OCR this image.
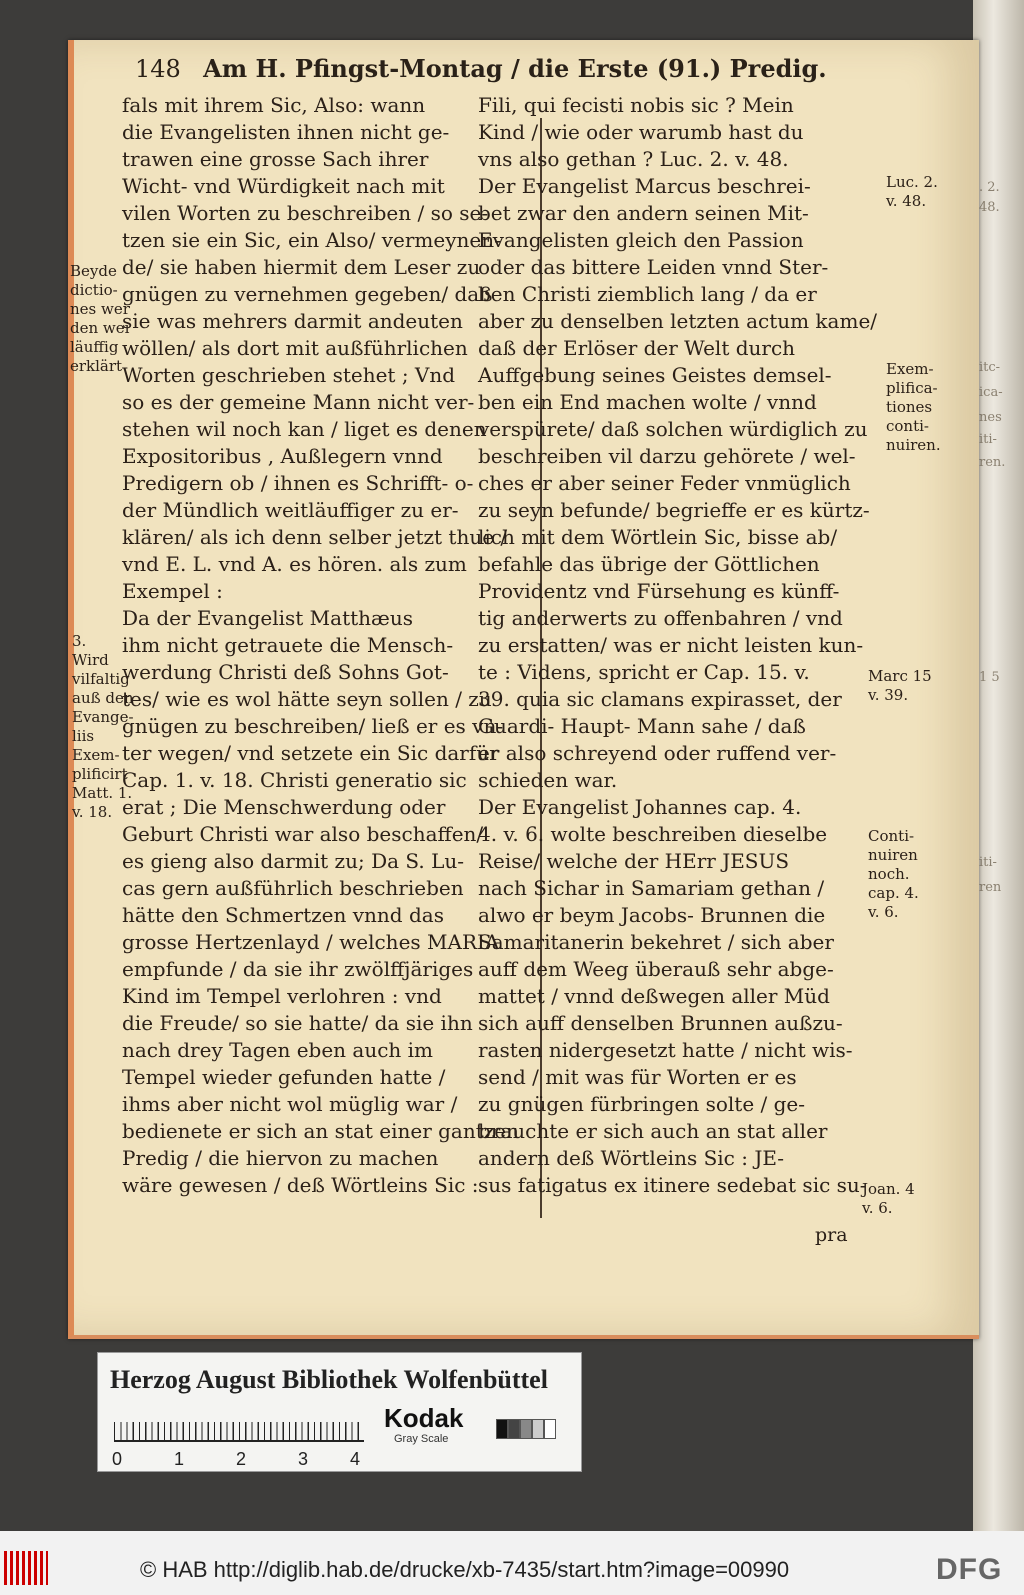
. 2.
48.
itc-
ica-
nes
iti-
ren.
1 5
iti-
ren
148 Am H. Pfingst-Montag / die Erste (91.) Predig.

fals mit ihrem Sic, Also: wann

die Evangelisten ihnen nicht ge-

trawen eine grosse Sach ihrer

Wicht- vnd Würdigkeit nach mit

vilen Worten zu beschreiben / so se-

tzen sie ein Sic, ein Also/ vermeynen-

de/ sie haben hiermit dem Leser zu

gnügen zu vernehmen gegeben/ daß

sie was mehrers darmit andeuten

wöllen/ als dort mit außführlichen

Worten geschrieben stehet ; Vnd

so es der gemeine Mann nicht ver-

stehen wil noch kan / liget es denen

Expositoribus , Außlegern vnnd

Predigern ob / ihnen es Schrifft- o-

der Mündlich weitläuffiger zu er-

klären/ als ich denn selber jetzt thue /

vnd E. L. vnd A. es hören. als zum

Exempel :

Da der Evangelist Matthæus

ihm nicht getrauete die Mensch-

werdung Christi deß Sohns Got-

tes/ wie es wol hätte seyn sollen / zu

gnügen zu beschreiben/ ließ er es vn-

ter wegen/ vnd setzete ein Sic darfür

Cap. 1. v. 18. Christi generatio sic

erat ; Die Menschwerdung oder

Geburt Christi war also beschaffen/

es gieng also darmit zu; Da S. Lu-

cas gern außführlich beschrieben

hätte den Schmertzen vnnd das

grosse Hertzenlayd / welches MARIA

empfunde / da sie ihr zwölffjäriges

Kind im Tempel verlohren : vnd

die Freude/ so sie hatte/ da sie ihn

nach drey Tagen eben auch im

Tempel wieder gefunden hatte /

ihms aber nicht wol müglig war /

bedienete er sich an stat einer gantzen

Predig / die hiervon zu machen

wäre gewesen / deß Wörtleins Sic :

Fili, qui fecisti nobis sic ? Mein

Kind / wie oder warumb hast du

vns also gethan ? Luc. 2. v. 48.

Der Evangelist Marcus beschrei-

bet zwar den andern seinen Mit-

Evangelisten gleich den Passion

oder das bittere Leiden vnnd Ster-

ben Christi ziemblich lang / da er

aber zu denselben letzten actum kame/

daß der Erlöser der Welt durch

Auffgebung seines Geistes demsel-

ben ein End machen wolte / vnnd

verspürete/ daß solchen würdiglich zu

beschreiben vil darzu gehörete / wel-

ches er aber seiner Feder vnmüglich

zu seyn befunde/ begrieffe er es kürtz-

lich mit dem Wörtlein Sic, bisse ab/

befahle das übrige der Göttlichen

Providentz vnd Fürsehung es künff-

tig anderwerts zu offenbahren / vnd

zu erstatten/ was er nicht leisten kun-

te : Videns, spricht er Cap. 15. v.

39. quia sic clamans expirasset, der

Guardi- Haupt- Mann sahe / daß

er also schreyend oder ruffend ver-

schieden war.

Der Evangelist Johannes cap. 4.

4. v. 6. wolte beschreiben dieselbe

Reise/ welche der HErr JESUS

nach Sichar in Samariam gethan /

alwo er beym Jacobs- Brunnen die

Samaritanerin bekehret / sich aber

auff dem Weeg überauß sehr abge-

mattet / vnnd deßwegen aller Müd

sich auff denselben Brunnen außzu-

rasten nidergesetzt hatte / nicht wis-

send / mit was für Worten er es

zu gnügen fürbringen solte / ge-

brauchte er sich auch an stat aller

andern deß Wörtleins Sic : JE-

sus fatigatus ex itinere sedebat sic su-

Beyde

dictio-

nes wer

den wei

läuffig

erklärt

3.

Wird

vilfaltig

auß den

Evange-

liis

Exem-

plificirt

Matt. 1.

v. 18.

Luc. 2.

v. 48.

Exem-

plifica-

tiones

conti-

nuiren.

Marc 15

v. 39.

Conti-

nuiren

noch.

cap. 4.

v. 6.

Joan. 4

v. 6.

pra
Herzog August Bibliothek Wolfenbüttel
0	1	2	3 4
Kodak
Gray Scale
© HAB http://diglib.hab.de/drucke/xb-7435/start.htm?image=00990	DFG
